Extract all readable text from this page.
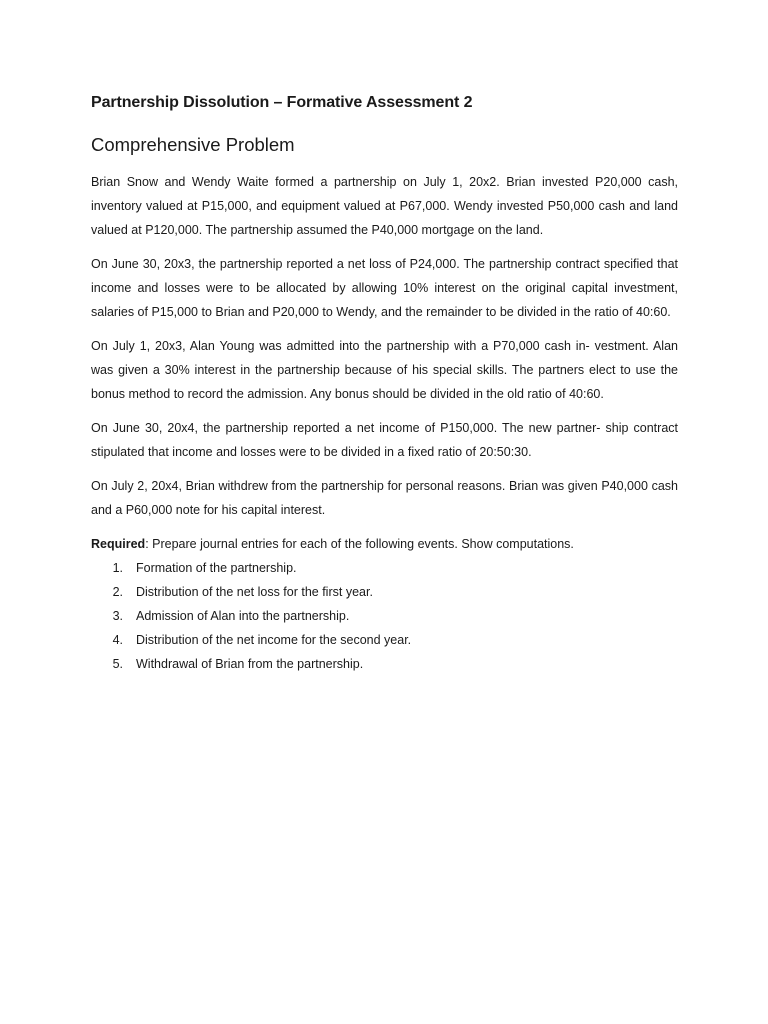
Partnership Dissolution – Formative Assessment 2
Comprehensive Problem

Brian Snow and Wendy Waite formed a partnership on July 1, 20x2. Brian invested P20,000 cash, inventory valued at P15,000, and equipment valued at P67,000. Wendy invested P50,000 cash and land valued at P120,000. The partnership assumed the P40,000 mortgage on the land.

On June 30, 20x3, the partnership reported a net loss of P24,000. The partnership contract specified that income and losses were to be allocated by allowing 10% interest on the original capital investment, salaries of P15,000 to Brian and P20,000 to Wendy, and the remainder to be divided in the ratio of 40:60.

On July 1, 20x3, Alan Young was admitted into the partnership with a P70,000 cash in- vestment. Alan was given a 30% interest in the partnership because of his special skills. The partners elect to use the bonus method to record the admission. Any bonus should be divided in the old ratio of 40:60.

On June 30, 20x4, the partnership reported a net income of P150,000. The new partner- ship contract stipulated that income and losses were to be divided in a fixed ratio of 20:50:30.

On July 2, 20x4, Brian withdrew from the partnership for personal reasons. Brian was given P40,000 cash and a P60,000 note for his capital interest.

Required: Prepare journal entries for each of the following events. Show computations.

1.	Formation of the partnership.
2.	Distribution of the net loss for the first year.
3.	Admission of Alan into the partnership.
4.	Distribution of the net income for the second year.
5.	Withdrawal of Brian from the partnership.
